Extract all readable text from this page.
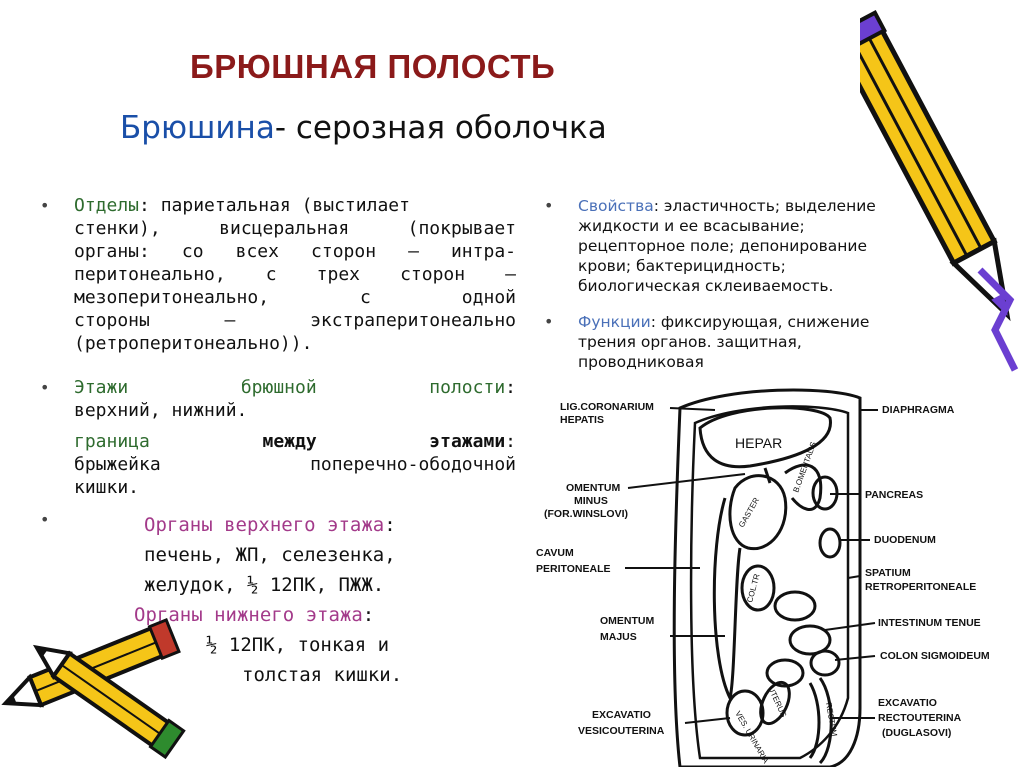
БРЮШНАЯ ПОЛОСТЬ
Брюшина- серозная оболочка
• Отделы: париетальная (выстилает
стенки), висцеральная (покрывает
органы: со всех сторон – интра-
перитонеально, с трех сторон –
мезоперитонеально, с одной
стороны – экстраперитонеально
(ретроперитонеально)).
• Этажи	брюшной	полости:
верхний, нижний.
граница	между	этажами:
брыжейка	поперечно-ободочной
кишки.
•	Органы верхнего этажа:
печень, ЖП, селезенка,
желудок, ½ 12ПК, ПЖЖ.
Органы нижнего этажа:
½ 12ПК, тонкая и
толстая кишки.
• Свойства: эластичность; выделение
жидкости и ее всасывание;
рецепторное поле; депонирование
крови; бактерицидность;
биологическая склеиваемость.
• Функции: фиксирующая, снижение
трения органов. защитная,
проводниковая
HEPAR
GASTER
B.OMENTALIS
COL.TR
VES. URINARIA
UTERUS	RECTUM
LIG.CORONARIUM
HEPATIS
DIAPHRAGMA
OMENTUM
MINUS
(FOR.WINSLOVI)
PANCREAS
DUODENUM
CAVUM
PERITONEALE	SPATIUM
RETROPERITONEALE
OMENTUM
MAJUS
INTESTINUM TENUE
COLON SIGMOIDEUM
EXCAVATIO
VESICOUTERINA
EXCAVATIO
RECTOUTERINA
(DUGLASOVI)
